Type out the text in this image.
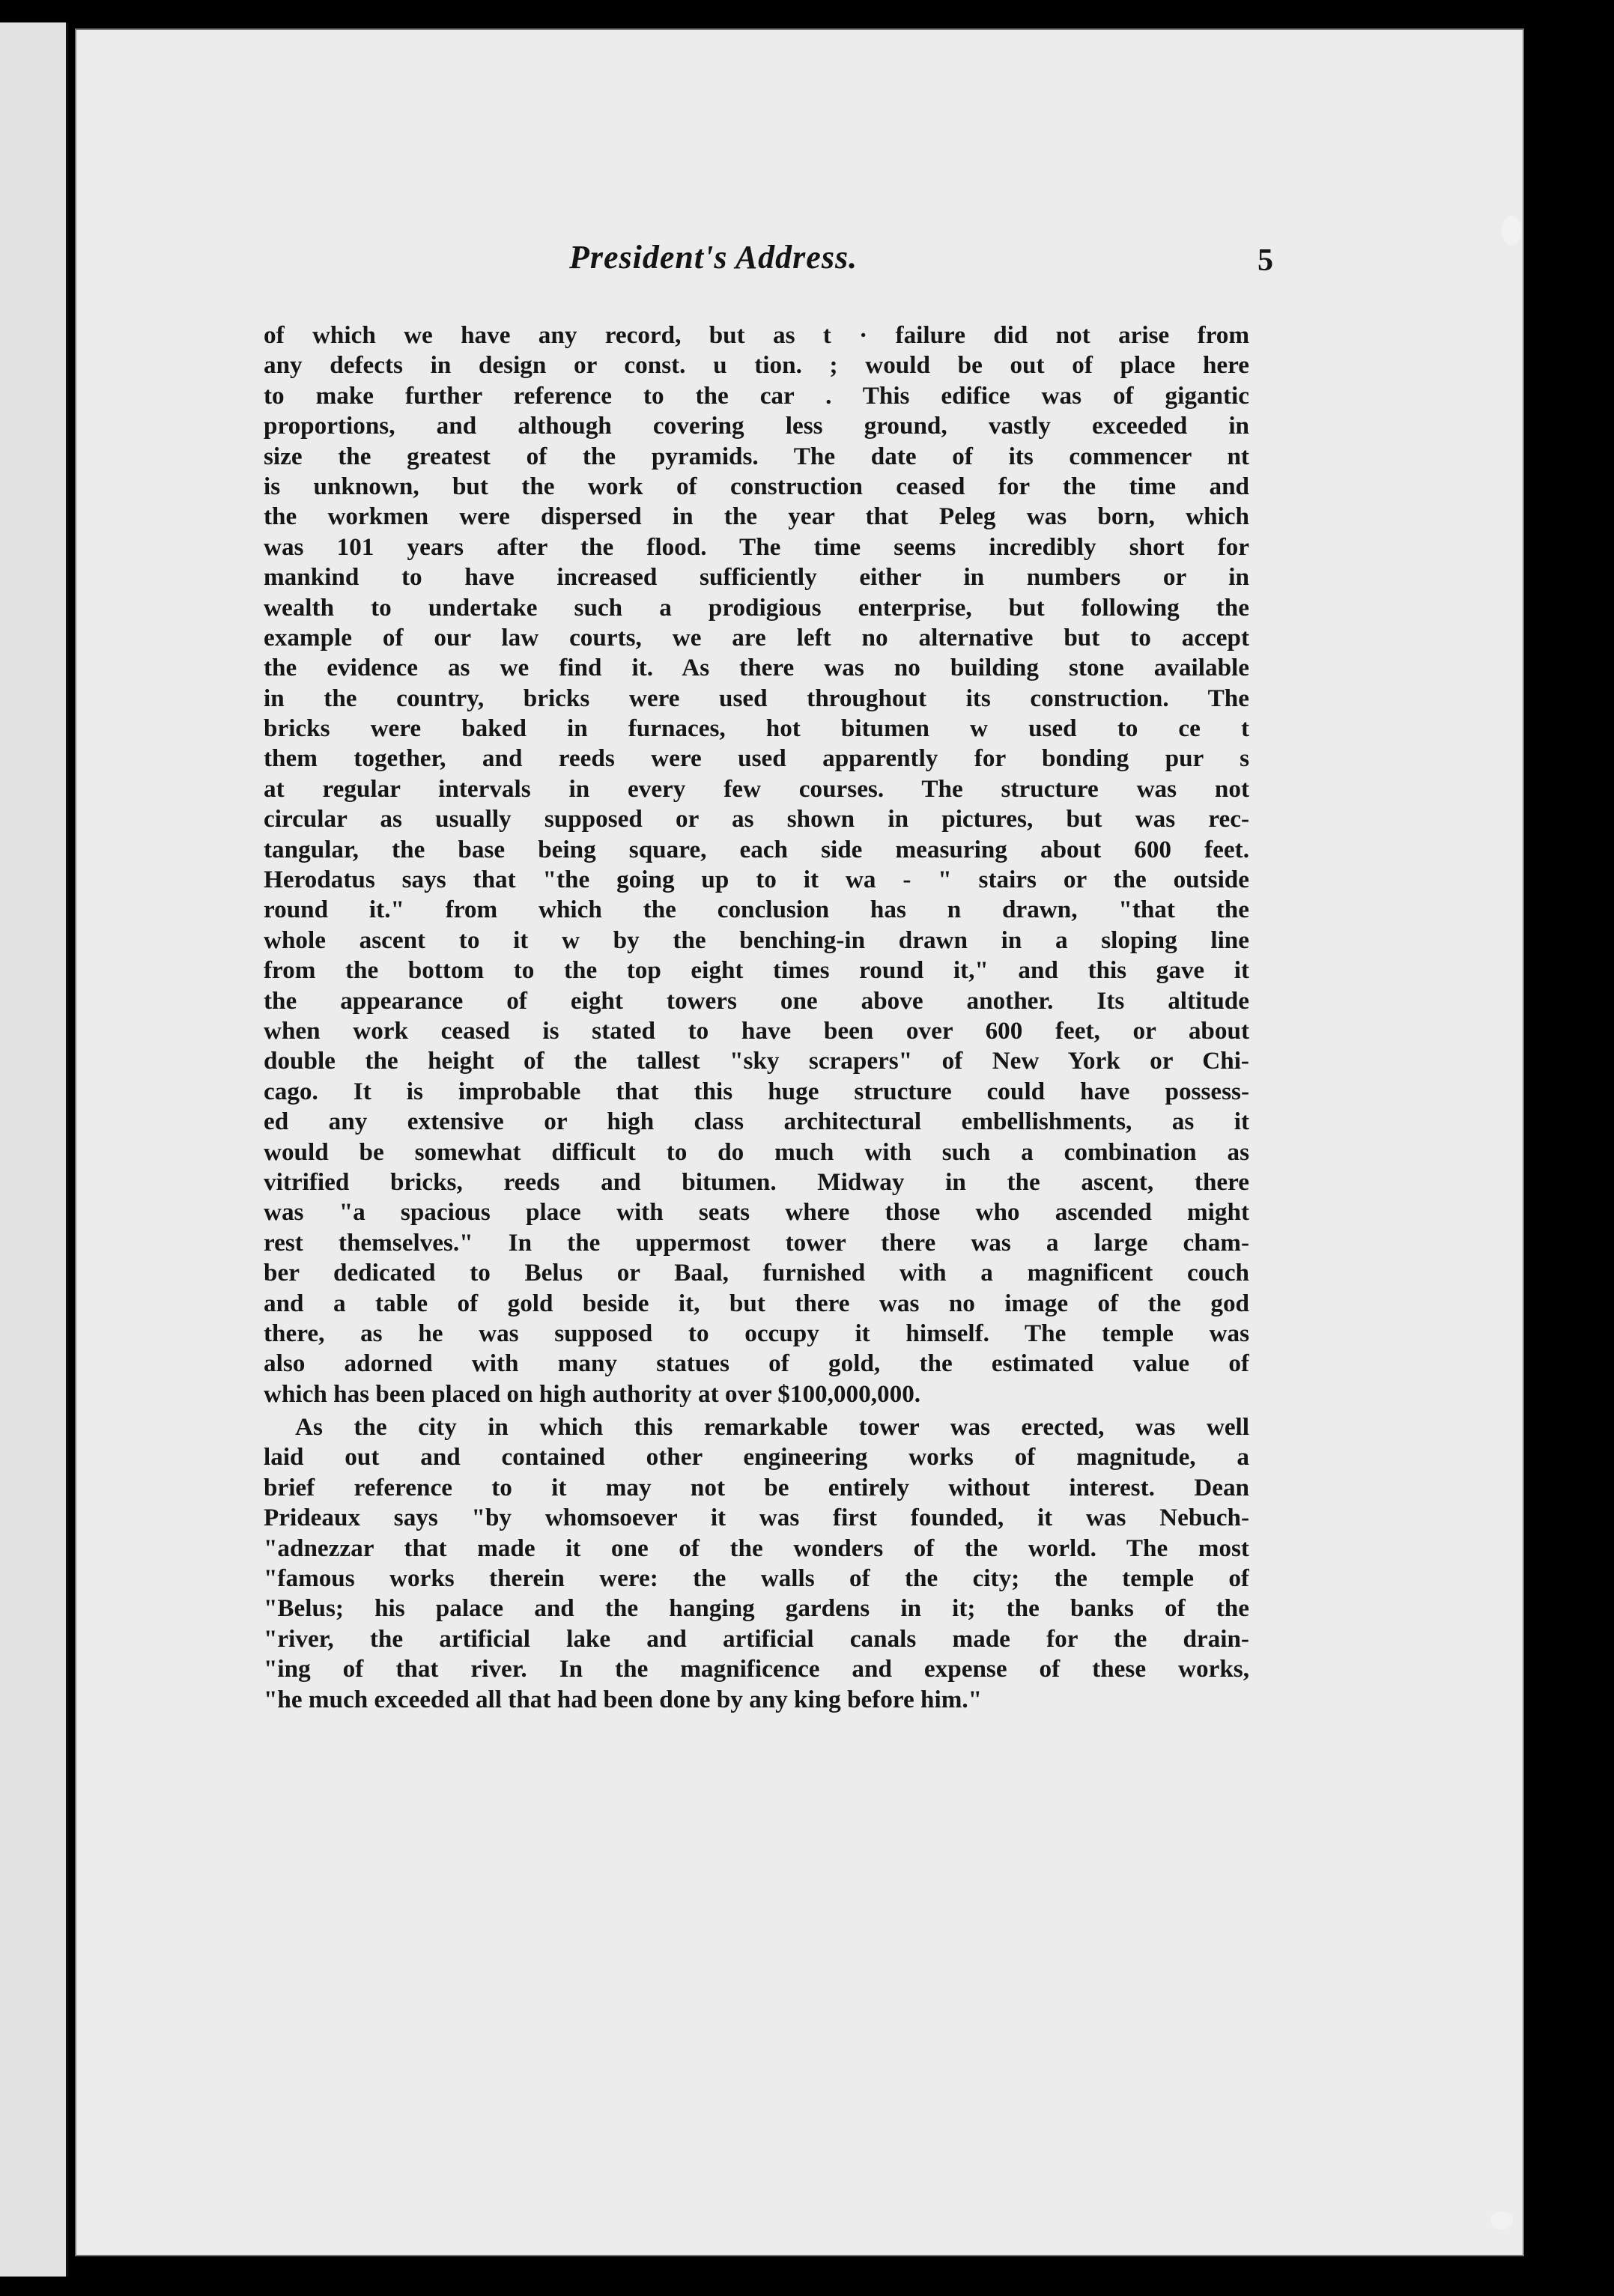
President's Address.	5
of which we have any record, but as t · failure did not arise from
any defects in design or const. u tion. ; would be out of place here
to make further reference to the car . This edifice was of gigantic
proportions, and although covering less ground, vastly exceeded in
size the greatest of the pyramids. The date of its commencer nt
is unknown, but the work of construction ceased for the time and
the workmen were dispersed in the year that Peleg was born, which
was 101 years after the flood. The time seems incredibly short for
mankind to have increased sufficiently either in numbers or in
wealth to undertake such a prodigious enterprise, but following the
example of our law courts, we are left no alternative but to accept
the evidence as we find it. As there was no building stone available
in the country, bricks were used throughout its construction. The
bricks were baked in furnaces, hot bitumen w used to ce t
them together, and reeds were used apparently for bonding pur s
at regular intervals in every few courses. The structure was not
circular as usually supposed or as shown in pictures, but was rec-
tangular, the base being square, each side measuring about 600 feet.
Herodatus says that "the going up to it wa - " stairs or the outside
round it." from which the conclusion has n drawn, "that the
whole ascent to it w by the benching-in drawn in a sloping line
from the bottom to the top eight times round it," and this gave it
the appearance of eight towers one above another. Its altitude
when work ceased is stated to have been over 600 feet, or about
double the height of the tallest "sky scrapers" of New York or Chi-
cago. It is improbable that this huge structure could have possess-
ed any extensive or high class architectural embellishments, as it
would be somewhat difficult to do much with such a combination as
vitrified bricks, reeds and bitumen. Midway in the ascent, there
was "a spacious place with seats where those who ascended might
rest themselves." In the uppermost tower there was a large cham-
ber dedicated to Belus or Baal, furnished with a magnificent couch
and a table of gold beside it, but there was no image of the god
there, as he was supposed to occupy it himself. The temple was
also adorned with many statues of gold, the estimated value of
which has been placed on high authority at over $100,000,000.
As the city in which this remarkable tower was erected, was well
laid out and contained other engineering works of magnitude, a
brief reference to it may not be entirely without interest. Dean
Prideaux says "by whomsoever it was first founded, it was Nebuch-
"adnezzar that made it one of the wonders of the world. The most
"famous works therein were: the walls of the city; the temple of
"Belus; his palace and the hanging gardens in it; the banks of the
"river, the artificial lake and artificial canals made for the drain-
"ing of that river. In the magnificence and expense of these works,
"he much exceeded all that had been done by any king before him."
